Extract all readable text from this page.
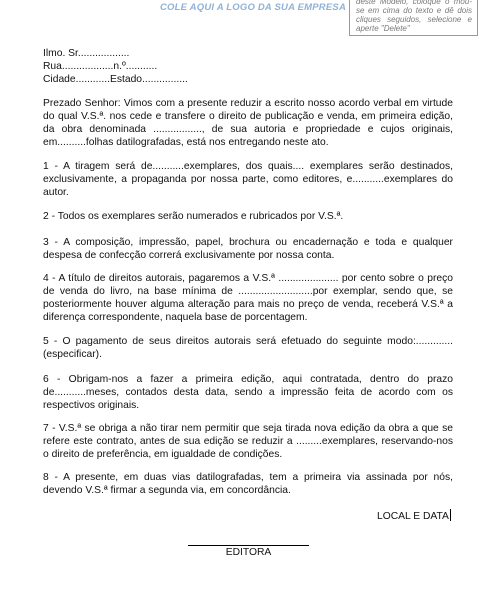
COLE AQUI A LOGO DA SUA EMPRESA
deste Modelo, coloque o mou-se em cima do texto e dê dois cliques seguidos, selecione e aperte "Delete"
Ilmo. Sr..................
Rua..................n.º...........
Cidade............Estado................

Prezado Senhor: Vimos com a presente reduzir a escrito nosso acordo verbal em virtude do qual V.S.ª. nos cede e transfere o direito de publicação e venda, em primeira edição, da obra denominada ................., de sua autoria e propriedade e cujos originais, em..........folhas datilografadas, está nos entregando neste ato.

1 - A tiragem será de...........exemplares, dos quais.... exemplares serão destinados, exclusivamente, a propaganda por nossa parte, como editores, e...........exemplares do autor.

2 - Todos os exemplares serão numerados e rubricados por V.S.ª.

3 - A composição, impressão, papel, brochura ou encadernação e toda e qualquer despesa de confecção correrá exclusivamente por nossa conta.

4 - A título de direitos autorais, pagaremos a V.S.ª ..................... por cento sobre o preço de venda do livro, na base mínima de ..........................por exemplar, sendo que, se posteriormente houver alguma alteração para mais no preço de venda, receberá V.S.ª a diferença correspondente, naquela base de porcentagem.

5 - O pagamento de seus direitos autorais será efetuado do seguinte modo:.............(especificar).

6 - Obrigam-nos a fazer a primeira edição, aqui contratada, dentro do prazo de...........meses, contados desta data, sendo a impressão feita de acordo com os respectivos originais.

7 - V.S.ª se obriga a não tirar nem permitir que seja tirada nova edição da obra a que se refere este contrato, antes de sua edição se reduzir a .........exemplares, reservando-nos o direito de preferência, em igualdade de condições.

8 - A presente, em duas vias datilografadas, tem a primeira via assinada por nós, devendo V.S.ª firmar a segunda via, em concordância.

LOCAL E DATA
EDITORA
